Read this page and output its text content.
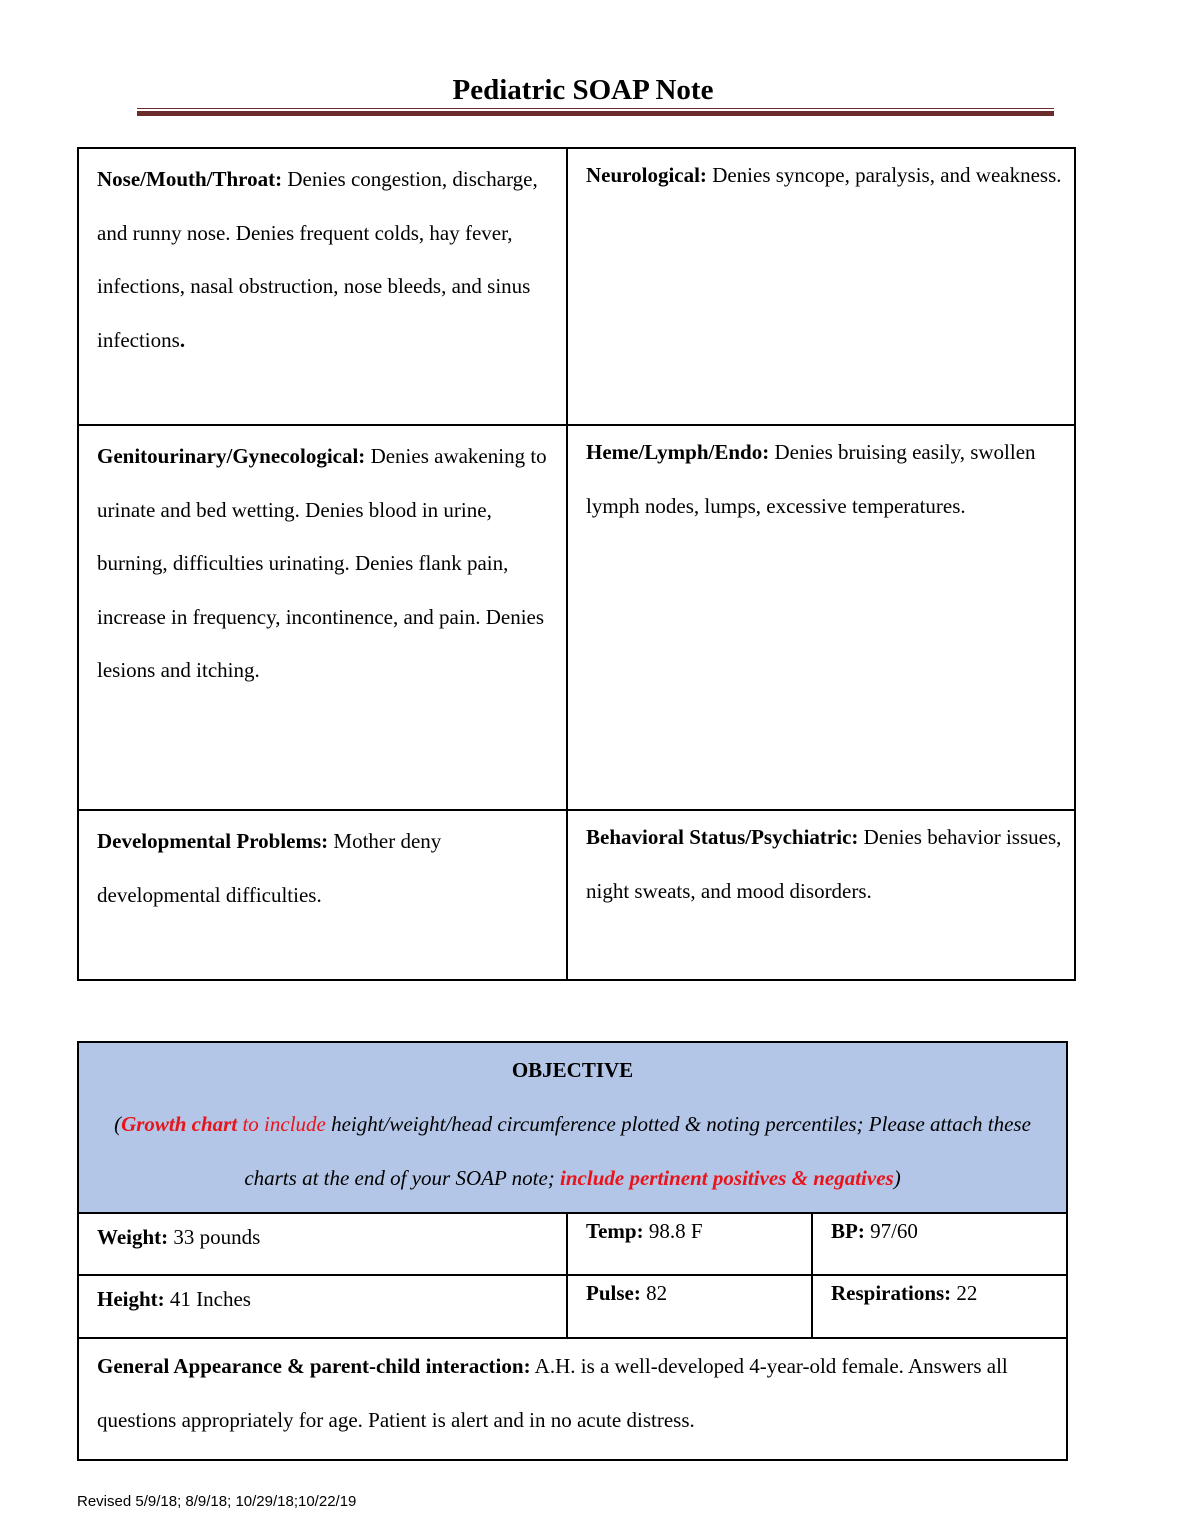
Pediatric SOAP Note
Nose/Mouth/Throat: Denies congestion, discharge, and runny nose. Denies frequent colds, hay fever, infections, nasal obstruction, nose bleeds, and sinus infections.	Neurological: Denies syncope, paralysis, and weakness.
Genitourinary/Gynecological: Denies awakening to urinate and bed wetting. Denies blood in urine, burning, difficulties urinating. Denies flank pain, increase in frequency, incontinence, and pain. Denies lesions and itching.	Heme/Lymph/Endo: Denies bruising easily, swollen lymph nodes, lumps, excessive temperatures.
Developmental Problems: Mother deny developmental difficulties.	Behavioral Status/Psychiatric: Denies behavior issues, night sweats, and mood disorders.
OBJECTIVE
(Growth chart to include height/weight/head circumference plotted & noting percentiles; Please attach these charts at the end of your SOAP note; include pertinent positives & negatives)		

Weight: 33 pounds	Temp: 98.8 F	BP: 97/60
Height: 41 Inches	Pulse: 82	Respirations: 22
General Appearance & parent-child interaction: A.H. is a well-developed 4-year-old female. Answers all questions appropriately for age. Patient is alert and in no acute distress.		
Revised 5/9/18; 8/9/18; 10/29/18;10/22/19
